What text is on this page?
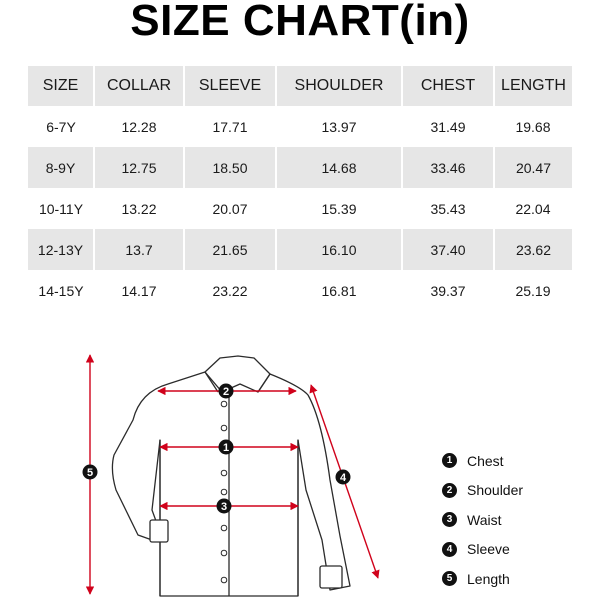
SIZE CHART(in)
SIZE	COLLAR	SLEEVE	SHOULDER	CHEST	LENGTH
6-7Y	12.28	17.71	13.97	31.49	19.68
8-9Y	12.75	18.50	14.68	33.46	20.47
10-11Y	13.22	20.07	15.39	35.43	22.04
12-13Y	13.7	21.65	16.10	37.40	23.62
14-15Y	14.17	23.22	16.81	39.37	25.19
1
2
3
4
5
1	Chest
2	Shoulder
3	Waist
4	Sleeve
5	Length
